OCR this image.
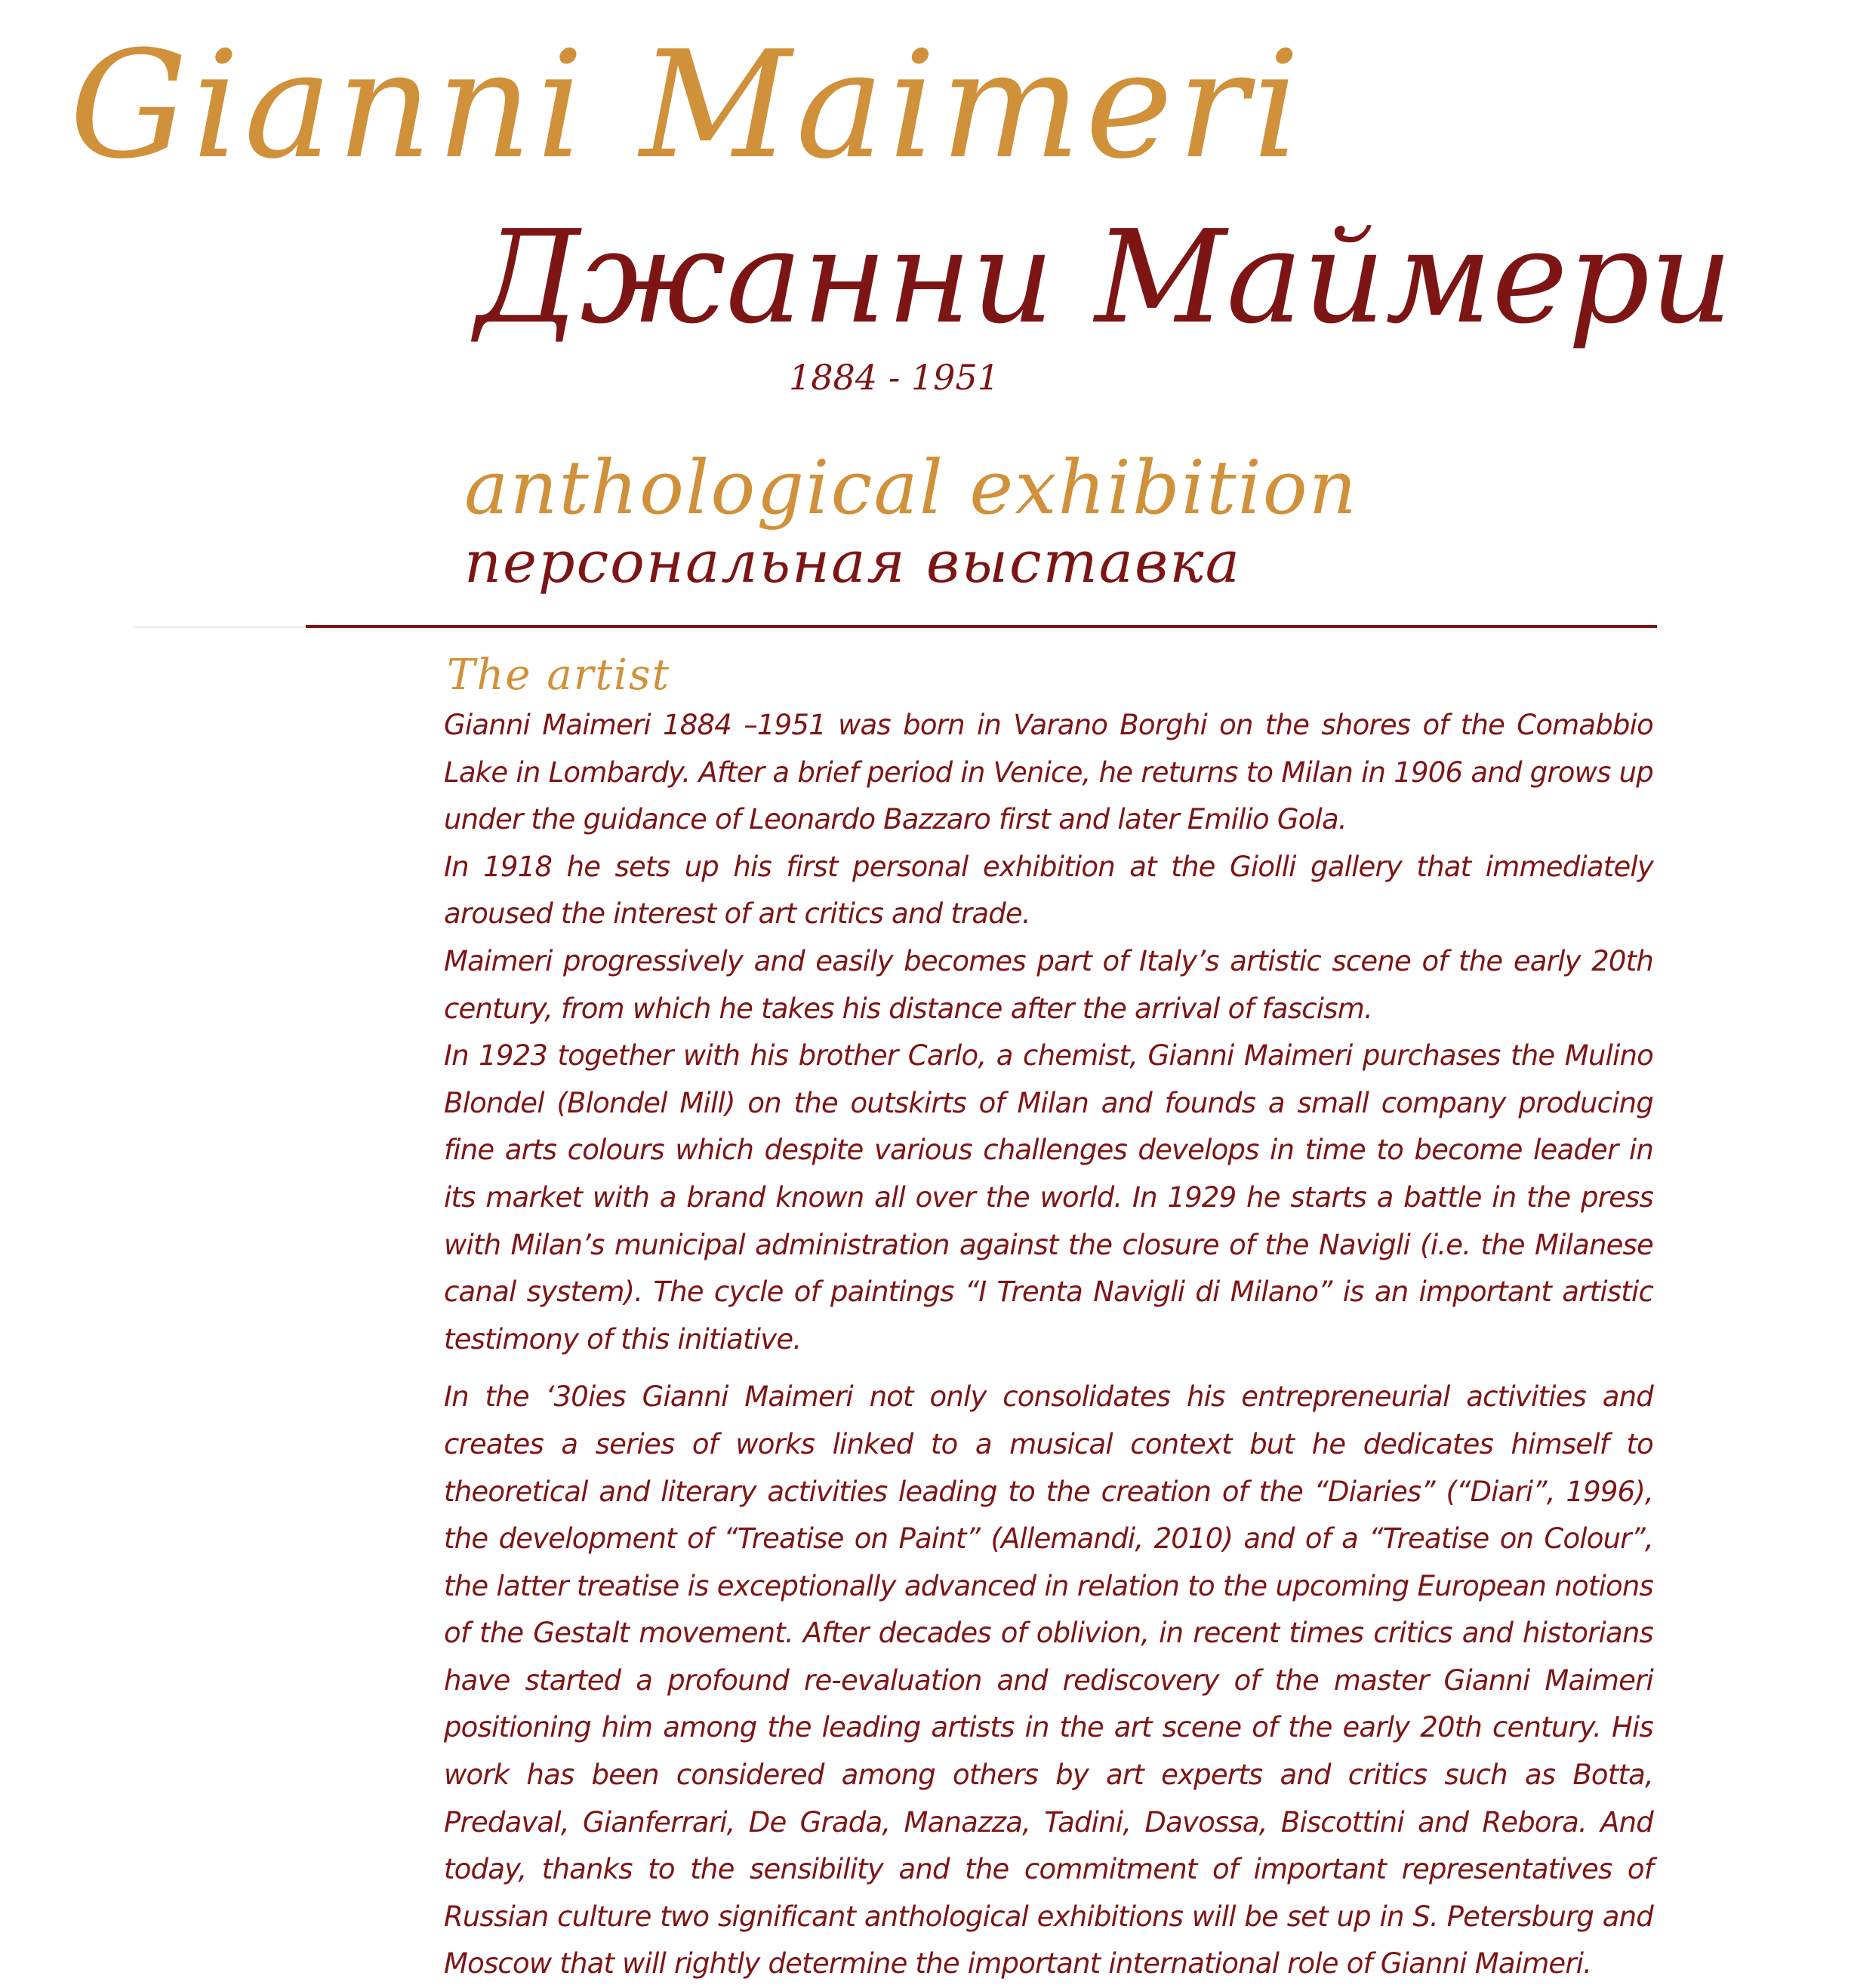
Gianni Maimeri
Джанни Маймери
1884 - 1951
anthological exhibition
персональная выставка
The artist

Gianni Maimeri 1884 –1951 was born in Varano Borghi on the shores of the Comabbio Lake in Lombardy. After a brief period in Venice, he returns to Milan in 1906 and grows up under the guidance of Leonardo Bazzaro first and later Emilio Gola.

In 1918 he sets up his first personal exhibition at the Giolli gallery that immediately aroused the interest of art critics and trade.

Maimeri progressively and easily becomes part of Italy’s artistic scene of the early 20th century, from which he takes his distance after the arrival of fascism.

In 1923 together with his brother Carlo, a chemist, Gianni Maimeri purchases the Mulino Blondel (Blondel Mill) on the outskirts of Milan and founds a small company producing fine arts colours which despite various challenges develops in time to become leader in its market with a brand known all over the world. In 1929 he starts a battle in the press with Milan’s municipal administration against the closure of the Navigli (i.e. the Milanese canal system). The cycle of paintings “I Trenta Navigli di Milano” is an important artistic testimony of this initiative.

In the ‘30ies Gianni Maimeri not only consolidates his entrepreneurial activities and creates a series of works linked to a musical context but he dedicates himself to theoretical and literary activities leading to the creation of the “Diaries” (“Diari”, 1996), the development of “Treatise on Paint” (Allemandi, 2010) and of a “Treatise on Colour”, the latter treatise is exceptionally advanced in relation to the upcoming European notions of the Gestalt movement. After decades of oblivion, in recent times critics and historians have started a profound re-evaluation and rediscovery of the master Gianni Maimeri positioning him among the leading artists in the art scene of the early 20th century. His work has been considered among others by art experts and critics such as Botta, Predaval, Gianferrari, De Grada, Manazza, Tadini, Davossa, Biscottini and Rebora. And today, thanks to the sensibility and the commitment of important representatives of Russian culture two significant anthological exhibitions will be set up in S. Petersburg and Moscow that will rightly determine the important international role of Gianni Maimeri.
